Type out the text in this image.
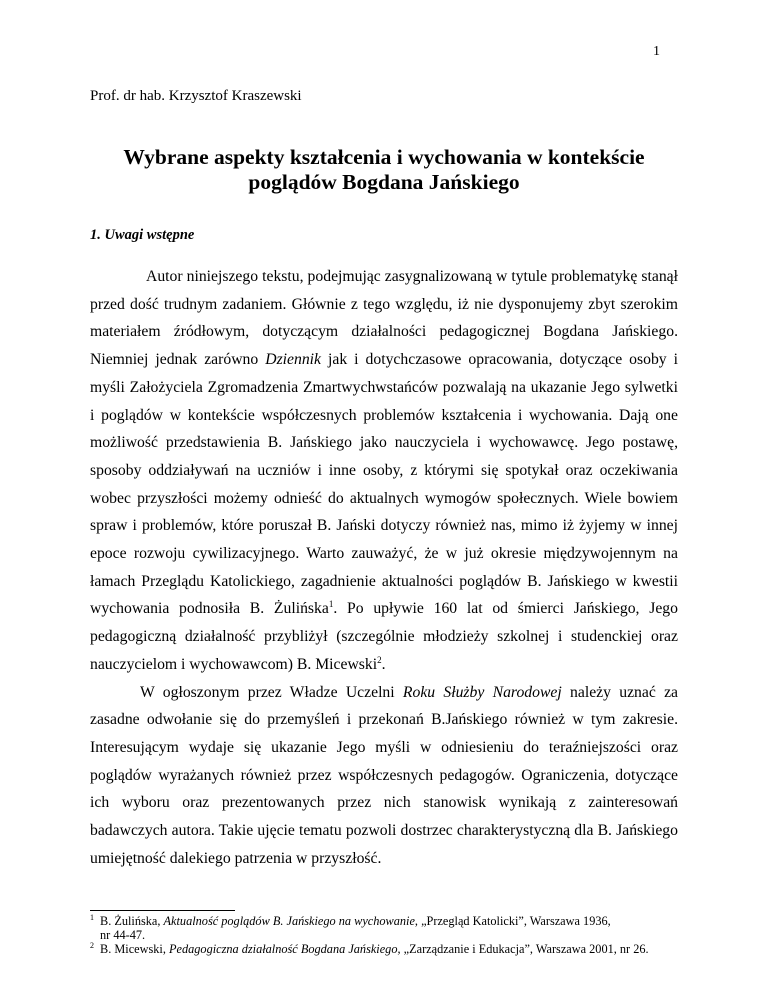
1
Prof. dr hab. Krzysztof Kraszewski
Wybrane aspekty kształcenia i wychowania w kontekście
poglądów Bogdana Jańskiego
1. Uwagi wstępne

Autor niniejszego tekstu, podejmując zasygnalizowaną w tytule problematykę stanął przed dość trudnym zadaniem. Głównie z tego względu, iż nie dysponujemy zbyt szerokim materiałem źródłowym, dotyczącym działalności pedagogicznej Bogdana Jańskiego. Niemniej jednak zarówno Dziennik jak i dotychczasowe opracowania, dotyczące osoby i myśli Założyciela Zgromadzenia Zmartwychwstańców pozwalają na ukazanie Jego sylwetki i poglądów w kontekście współczesnych problemów kształcenia i wychowania. Dają one możliwość przedstawienia B. Jańskiego jako nauczyciela i wychowawcę. Jego postawę, sposoby oddziaływań na uczniów i inne osoby, z którymi się spotykał oraz oczekiwania wobec przyszłości możemy odnieść do aktualnych wymogów społecznych. Wiele bowiem spraw i problemów, które poruszał B. Jański dotyczy również nas, mimo iż żyjemy w innej epoce rozwoju cywilizacyjnego. Warto zauważyć, że w już okresie międzywojennym na łamach Przeglądu Katolickiego, zagadnienie aktualności poglądów B. Jańskiego w kwestii wychowania podnosiła B. Żulińska$^1$. Po upływie 160 lat od śmierci Jańskiego, Jego pedagogiczną działalność przybliżył (szczególnie młodzieży szkolnej i studenckiej oraz nauczycielom i wychowawcom) B. Micewski$^2$.

W ogłoszonym przez Władze Uczelni Roku Służby Narodowej należy uznać za zasadne odwołanie się do przemyśleń i przekonań B.Jańskiego również w tym zakresie. Interesującym wydaje się ukazanie Jego myśli w odniesieniu do teraźniejszości oraz poglądów wyrażanych również przez współczesnych pedagogów. Ograniczenia, dotyczące ich wyboru oraz prezentowanych przez nich stanowisk wynikają z zainteresowań badawczych autora. Takie ujęcie tematu pozwoli dostrzec charakterystyczną dla B. Jańskiego umiejętność dalekiego patrzenia w przyszłość.

1 B. Żulińska, Aktualność poglądów B. Jańskiego na wychowanie, „Przegląd Katolicki”, Warszawa 1936,
nr 44-47.
2 B. Micewski, Pedagogiczna działalność Bogdana Jańskiego, „Zarządzanie i Edukacja”, Warszawa 2001, nr 26.
